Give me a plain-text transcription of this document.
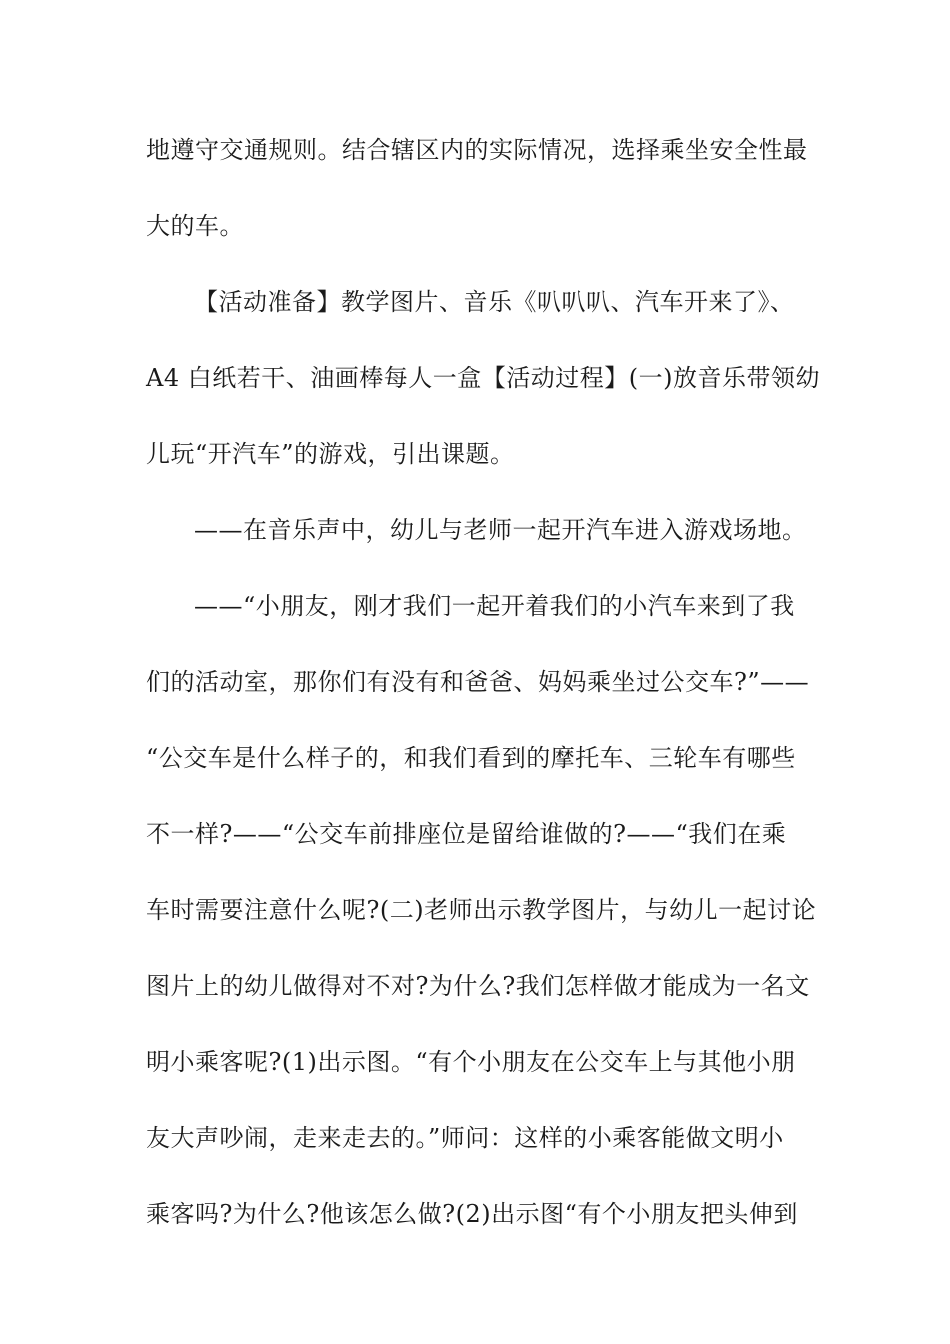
地遵守交通规则。结合辖区内的实际情况，选择乘坐安全性最
大的车。
【活动准备】教学图片、音乐《叭叭叭、汽车开来了》、
A4 白纸若干、油画棒每人一盒【活动过程】(一)放音乐带领幼
儿玩“开汽车”的游戏，引出课题。
——在音乐声中，幼儿与老师一起开汽车进入游戏场地。
——“小朋友，刚才我们一起开着我们的小汽车来到了我
们的活动室，那你们有没有和爸爸、妈妈乘坐过公交车?”——
“公交车是什么样子的，和我们看到的摩托车、三轮车有哪些
不一样?——“公交车前排座位是留给谁做的?——“我们在乘
车时需要注意什么呢?(二)老师出示教学图片，与幼儿一起讨论
图片上的幼儿做得对不对?为什么?我们怎样做才能成为一名文
明小乘客呢?(1)出示图。“有个小朋友在公交车上与其他小朋
友大声吵闹，走来走去的。”师问：这样的小乘客能做文明小
乘客吗?为什么?他该怎么做?(2)出示图“有个小朋友把头伸到
